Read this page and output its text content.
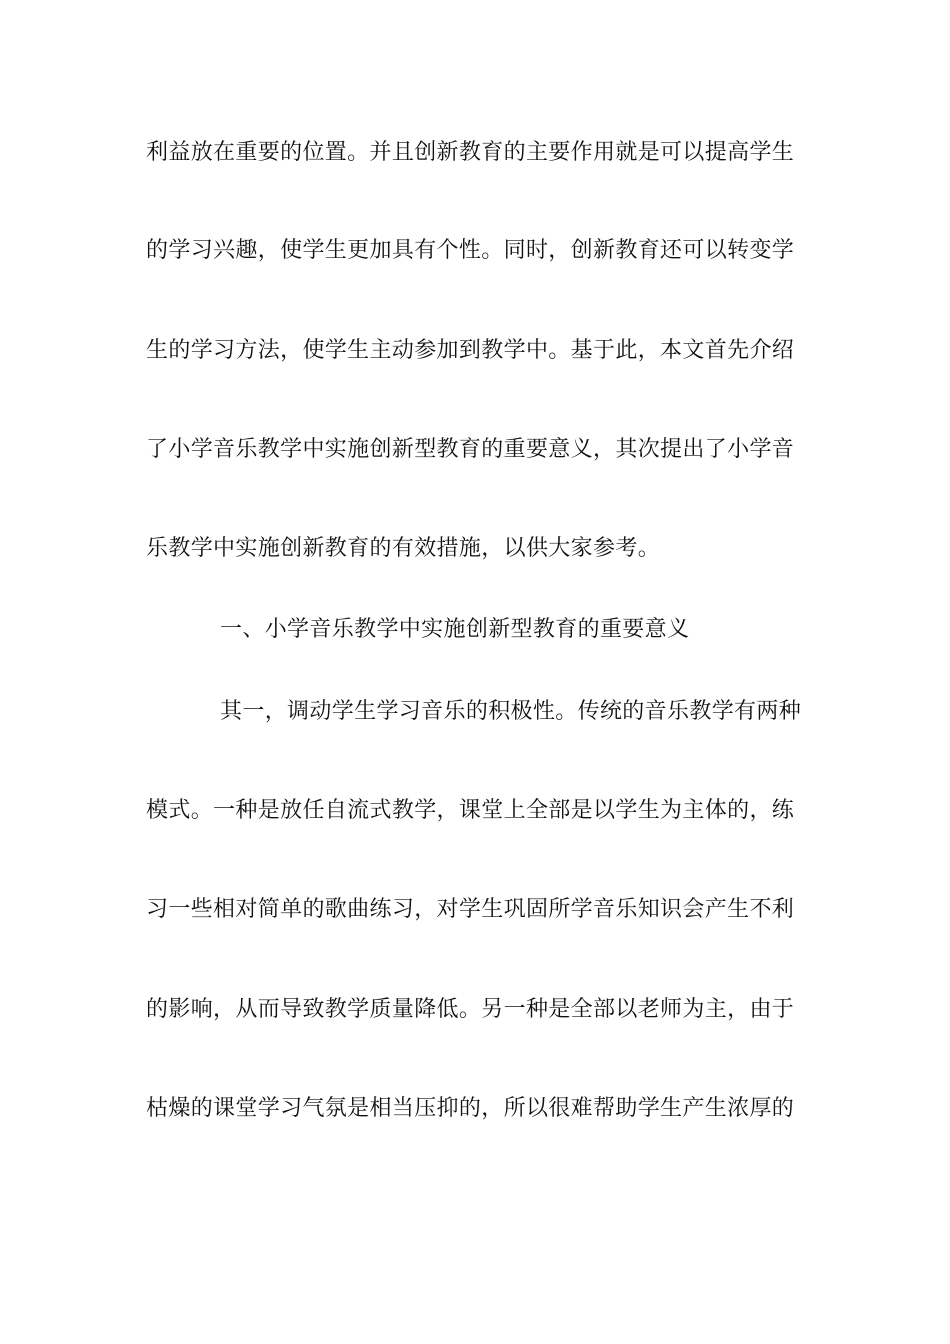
利益放在重要的位置。并且创新教育的主要作用就是可以提高学生
的学习兴趣，使学生更加具有个性。同时，创新教育还可以转变学
生的学习方法，使学生主动参加到教学中。基于此，本文首先介绍
了小学音乐教学中实施创新型教育的重要意义，其次提出了小学音
乐教学中实施创新教育的有效措施，以供大家参考。
一、小学音乐教学中实施创新型教育的重要意义
其一，调动学生学习音乐的积极性。传统的音乐教学有两种
模式。一种是放任自流式教学，课堂上全部是以学生为主体的，练
习一些相对简单的歌曲练习，对学生巩固所学音乐知识会产生不利
的影响，从而导致教学质量降低。另一种是全部以老师为主，由于
枯燥的课堂学习气氛是相当压抑的，所以很难帮助学生产生浓厚的
